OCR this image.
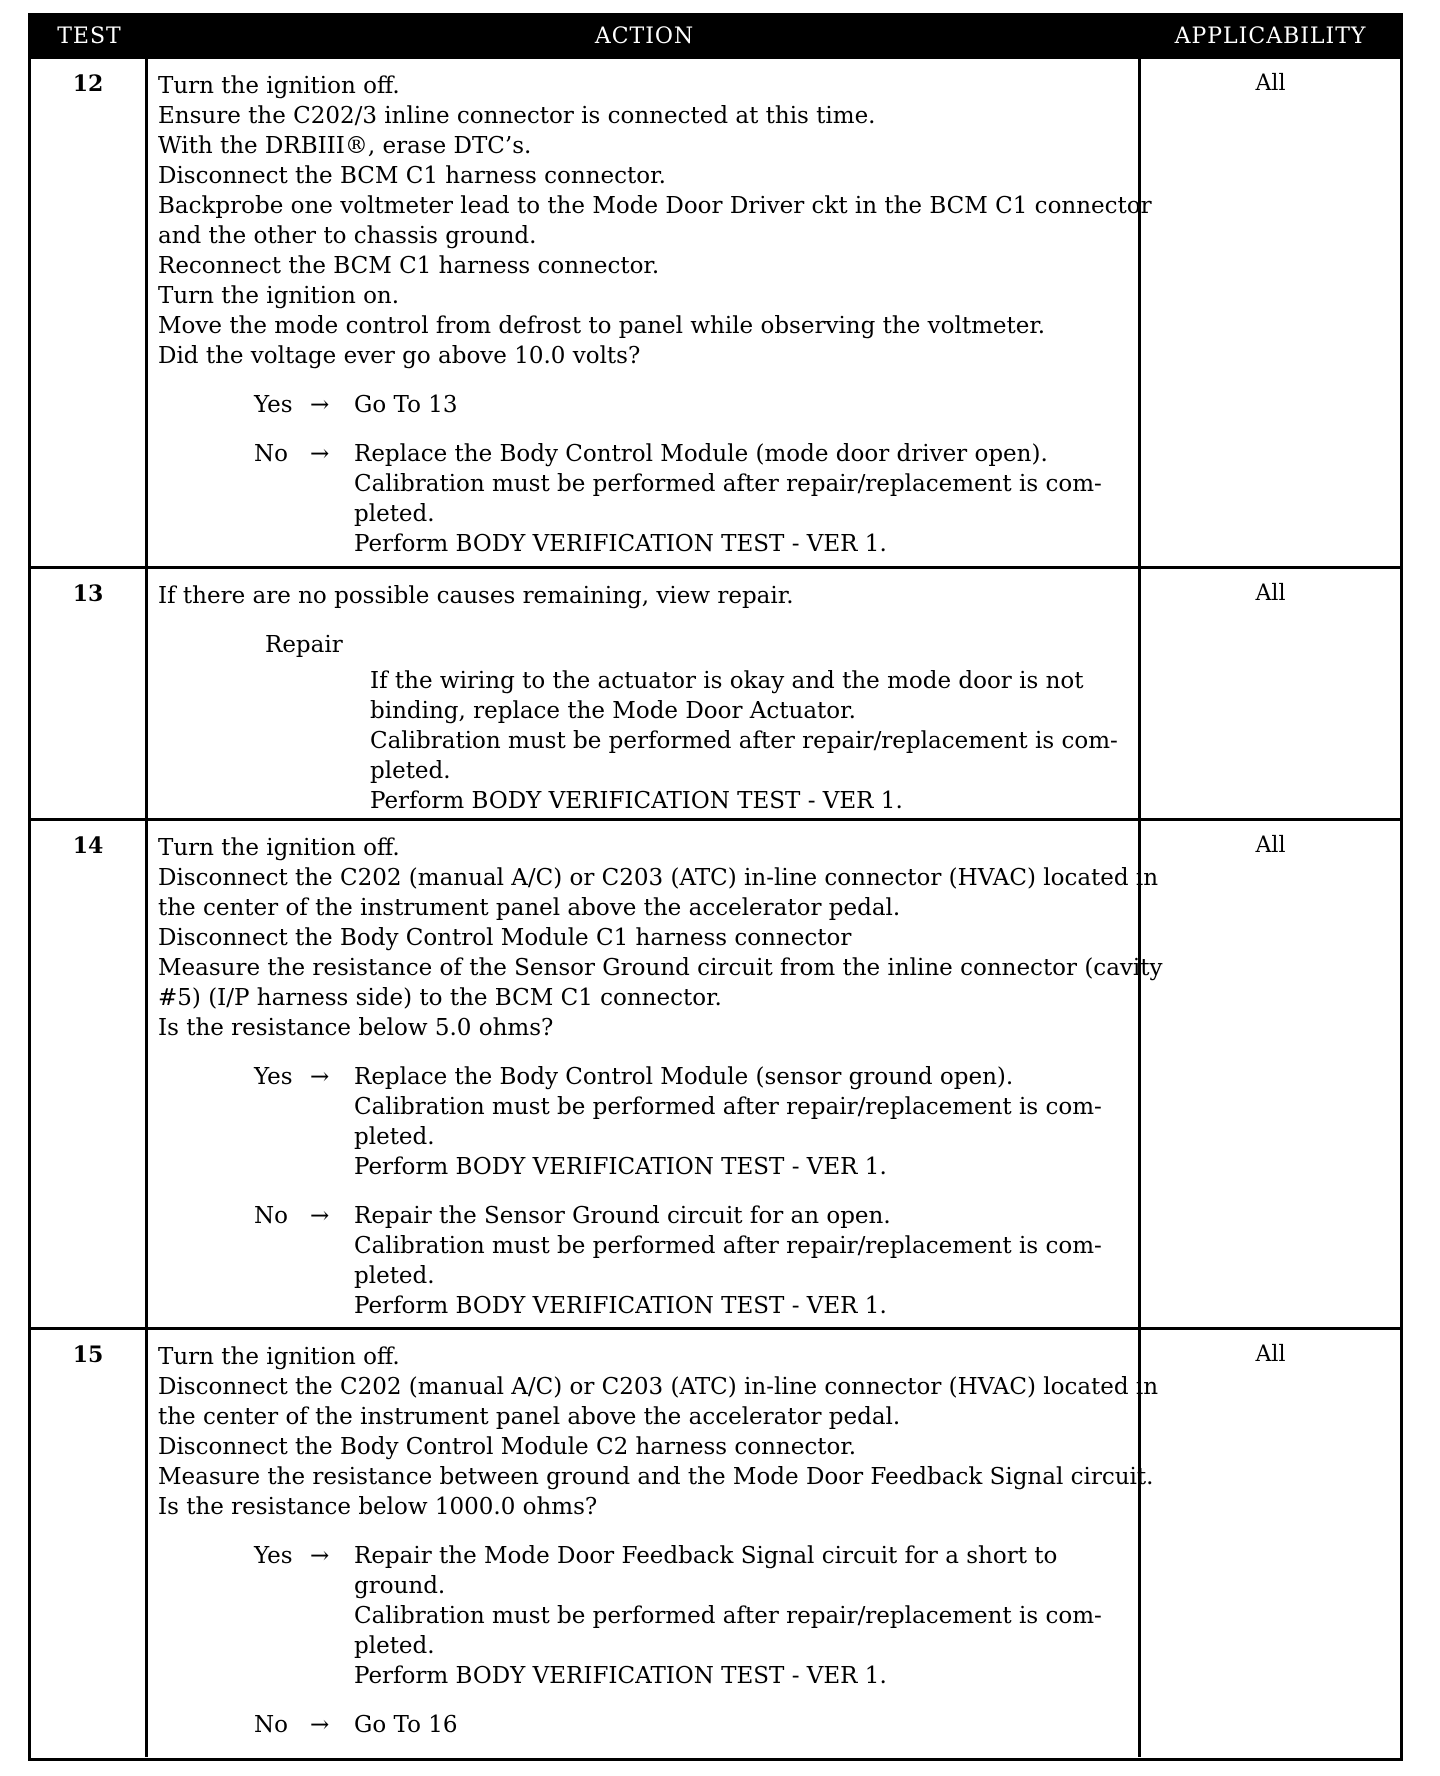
TEST	ACTION	APPLICABILITY
12	Turn the ignition off.
Ensure the C202/3 inline connector is connected at this time.
With the DRBIII®, erase DTC’s.
Disconnect the BCM C1 harness connector.
Backprobe one voltmeter lead to the Mode Door Driver ckt in the BCM C1 connector
and the other to chassis ground.
Reconnect the BCM C1 harness connector.
Turn the ignition on.
Move the mode control from defrost to panel while observing the voltmeter.
Did the voltage ever go above 10.0 volts?
Yes →	Go To 13
No →	Replace the Body Control Module (mode door driver open).
Calibration must be performed after repair/replacement is com-
pleted.
Perform BODY VERIFICATION TEST - VER 1.
All
13	If there are no possible causes remaining, view repair.
Repair
If the wiring to the actuator is okay and the mode door is not
binding, replace the Mode Door Actuator.
Calibration must be performed after repair/replacement is com-
pleted.
Perform BODY VERIFICATION TEST - VER 1.
All
14	Turn the ignition off.
Disconnect the C202 (manual A/C) or C203 (ATC) in-line connector (HVAC) located in
the center of the instrument panel above the accelerator pedal.
Disconnect the Body Control Module C1 harness connector
Measure the resistance of the Sensor Ground circuit from the inline connector (cavity
#5) (I/P harness side) to the BCM C1 connector.
Is the resistance below 5.0 ohms?
Yes →	Replace the Body Control Module (sensor ground open).
Calibration must be performed after repair/replacement is com-
pleted.
Perform BODY VERIFICATION TEST - VER 1.
No →	Repair the Sensor Ground circuit for an open.
Calibration must be performed after repair/replacement is com-
pleted.
Perform BODY VERIFICATION TEST - VER 1.
All
15	Turn the ignition off.
Disconnect the C202 (manual A/C) or C203 (ATC) in-line connector (HVAC) located in
the center of the instrument panel above the accelerator pedal.
Disconnect the Body Control Module C2 harness connector.
Measure the resistance between ground and the Mode Door Feedback Signal circuit.
Is the resistance below 1000.0 ohms?
Yes →	Repair the Mode Door Feedback Signal circuit for a short to
ground.
Calibration must be performed after repair/replacement is com-
pleted.
Perform BODY VERIFICATION TEST - VER 1.
No →	Go To 16
All
